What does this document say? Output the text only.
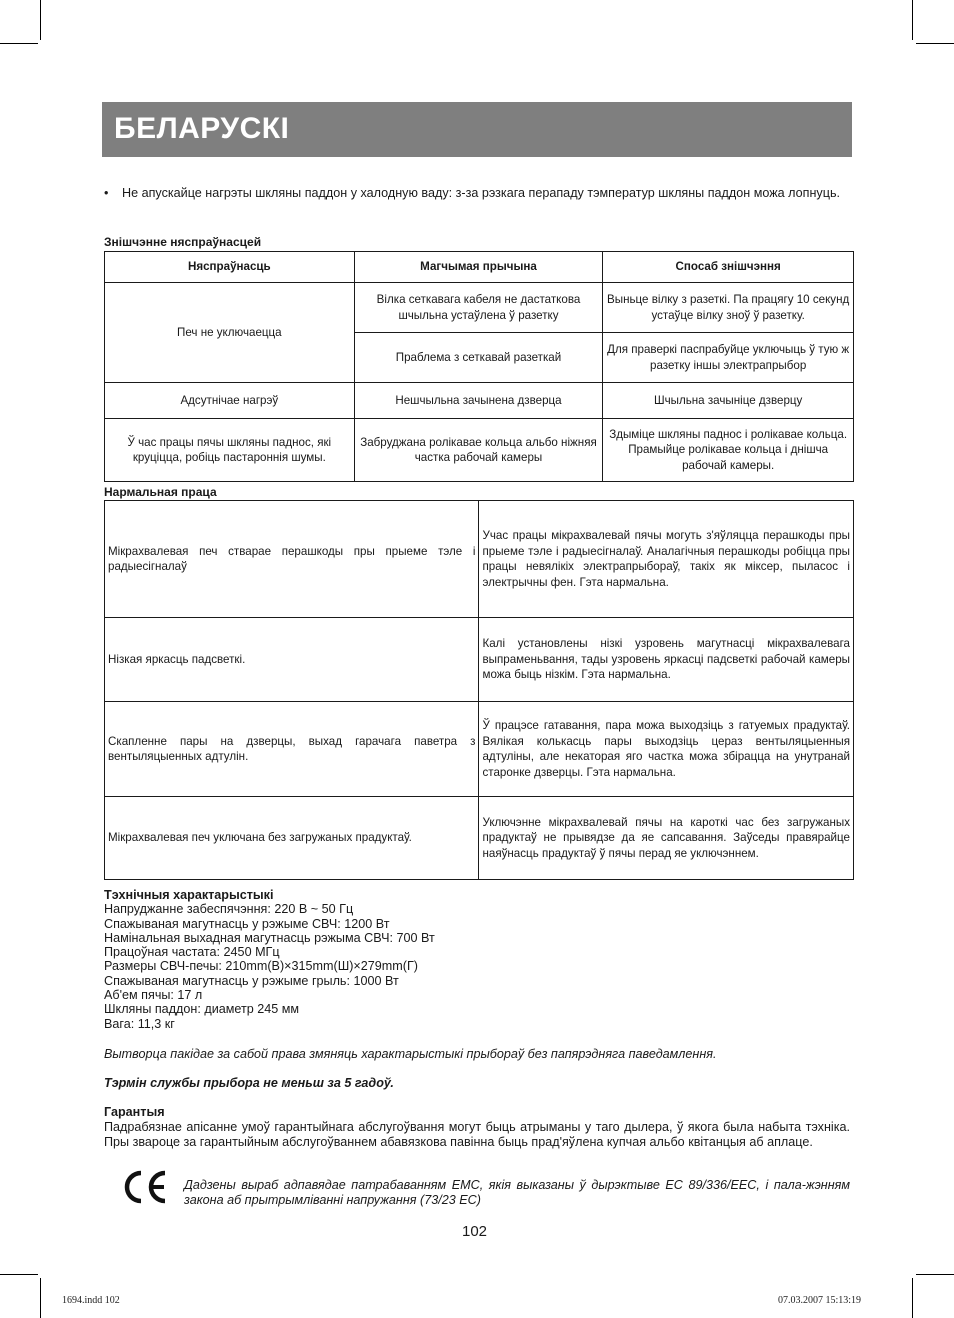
БЕЛАРУСКІ
• Не апускайце нагрэты шкляны паддон у халодную ваду: з-за рэзкага перападу тэмператур шкляны паддон можа лопнуць.
Знішчэнне няспраўнасцей
Няспраўнасць	Магчымая прычына	Спосаб знішчэння
Печ не уключаецца	Вілка сеткавага кабеля не дастаткова шчыльна устаўлена ў разетку	Выньце вілку з разеткі. Па працягу 10 секунд устаўце вілку зноў ў разетку.
	Праблема з сеткавай разеткай	Для праверкі паспрабуйце уключыць ў тую ж разетку іншы электрапрыбор
Адсутнічае нагрэў	Нешчыльна зачынена дзверца	Шчыльна зачыніце дзверцу
Ў час працы пячы шкляны паднос, які круціцца, робіць пастароннія шумы.	Забруджана ролікавае кольца альбо ніжняя частка рабочай камеры	Здыміце шкляны паднос і ролікавае кольца. Прамыйце ролікавае кольца і днішча рабочай камеры.
Нармальная праца
Мікрахвалевая печ стварае перашкоды пры прыеме тэле і радыесігналаў	Учас працы мікрахвалевай пячы могуть з'яўляцца перашкоды пры прыеме тэле і радыесігналаў. Аналагічныя перашкоды робіцца пры працы невялікіх электрапрыбораў, такіх як міксер, пыласос і электрычны фен. Гэта нармальна.
Нізкая яркасць падсветкі.	Калі установлены нізкі узровень магутнасці мікрахвалевага выпраменьвання, тады узровень яркасці падсветкі рабочай камеры можа быць нізкім. Гэта нармальна.
Скапленне пары на дзверцы, выхад гарачага паветра з вентыляцыенных адтулін.	Ў працэсе гатавання, пара можа выходзіць з гатуемых прадуктаў. Вялікая колькасць пары выходзіць цераз вентыляцыенныя адтуліны, але некаторая яго частка можа збірацца на унутранай старонке дзверцы. Гэта нармальна.
Мікрахвалевая печ уключана без загружаных прадуктаў.	Уключэнне мікрахвалевай пячы на кароткі час без загружаных прадуктаў не прывядзе да яе сапсавання. Заўседы правярайце наяўнасць прадуктаў ў пячы перад яе уключэннем.
Тэхнічныя характарыстыкі
Напруджанне забеспячэння: 220 В ~ 50 Гц
Спажываная магутнасць у рэжыме СВЧ: 1200 Вт
Намінальная выхадная магутнасць рэжыма СВЧ: 700 Вт
Працоўная частата: 2450 МГц
Размеры СВЧ-печы: 210mm(В)×315mm(Ш)×279mm(Г)
Спажываная магутнасць у рэжыме грыль: 1000 Вт
Аб'ем пячы: 17 л
Шкляны паддон: диаметр 245 мм
Вага: 11,3 кг
Вытворца пакідае за сабой права змяняць характарыстыкі прыбораў без папярэдняга паведамлення.
Тэрмін службы прыбора не меньш за 5 гадоў.
Гарантыя
Падрабязнае апісанне умоў гарантыйнага абслугоўвання могут быць атрыманы у таго дылера, ў якога была набыта тэхніка. Пры звароце за гарантыйным абслугоўваннем абавязкова павінна быць прад'яўлена купчая альбо квітанцыя аб аплаце.
Дадзены выраб адпавядае патрабаванням EMC, якія выказаны ў дырэктыве EC 89/336/EEC, і пала-жэнням закона аб прытрымліванні напружання (73/23 EC)
102
1694.indd 102	07.03.2007 15:13:19
